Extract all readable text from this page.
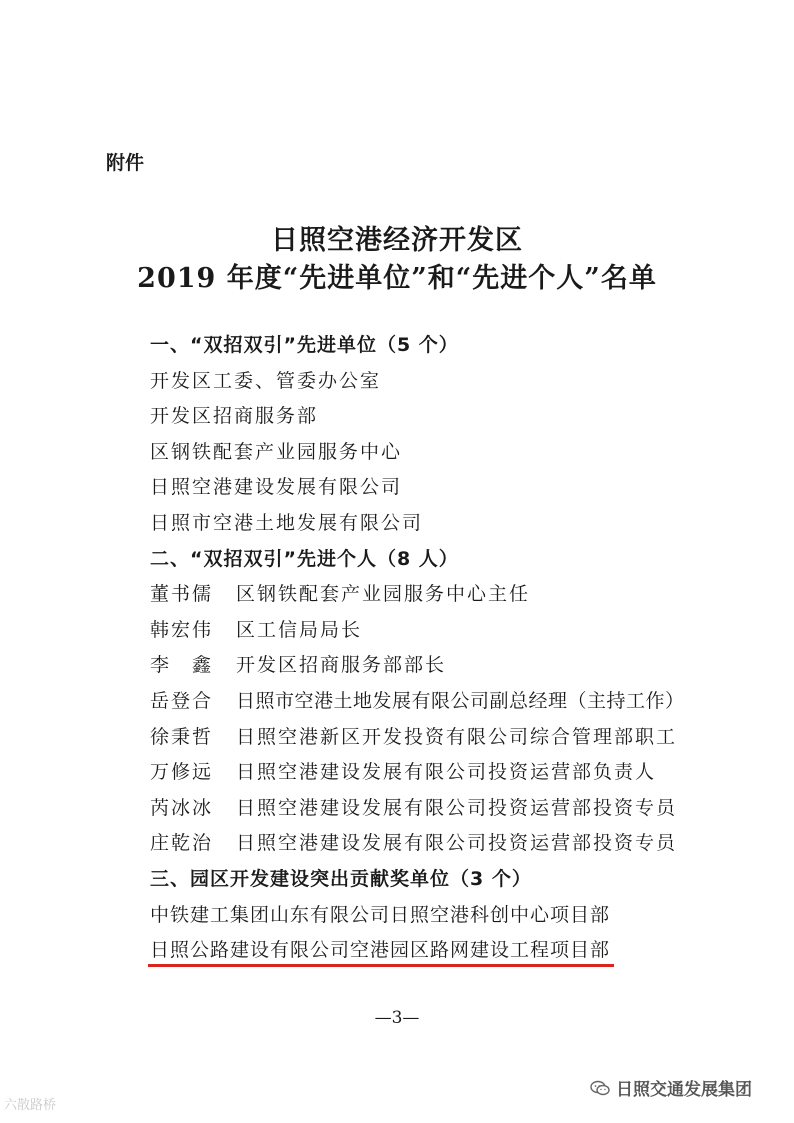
附件
日照空港经济开发区
2019 年度“先进单位”和“先进个人”名单
一、“双招双引”先进单位（5 个）
开发区工委、管委办公室
开发区招商服务部
区钢铁配套产业园服务中心
日照空港建设发展有限公司
日照市空港土地发展有限公司
二、“双招双引”先进个人（8 人）
董书儒 区钢铁配套产业园服务中心主任
韩宏伟 区工信局局长
李　鑫 开发区招商服务部部长
岳登合 日照市空港土地发展有限公司副总经理（主持工作）
徐秉哲 日照空港新区开发投资有限公司综合管理部职工
万修远 日照空港建设发展有限公司投资运营部负责人
芮冰冰 日照空港建设发展有限公司投资运营部投资专员
庄乾治 日照空港建设发展有限公司投资运营部投资专员
三、园区开发建设突出贡献奖单位（3 个）
中铁建工集团山东有限公司日照空港科创中心项目部
日照公路建设有限公司空港园区路网建设工程项目部
—3—
六散路桥
日照交通发展集团
